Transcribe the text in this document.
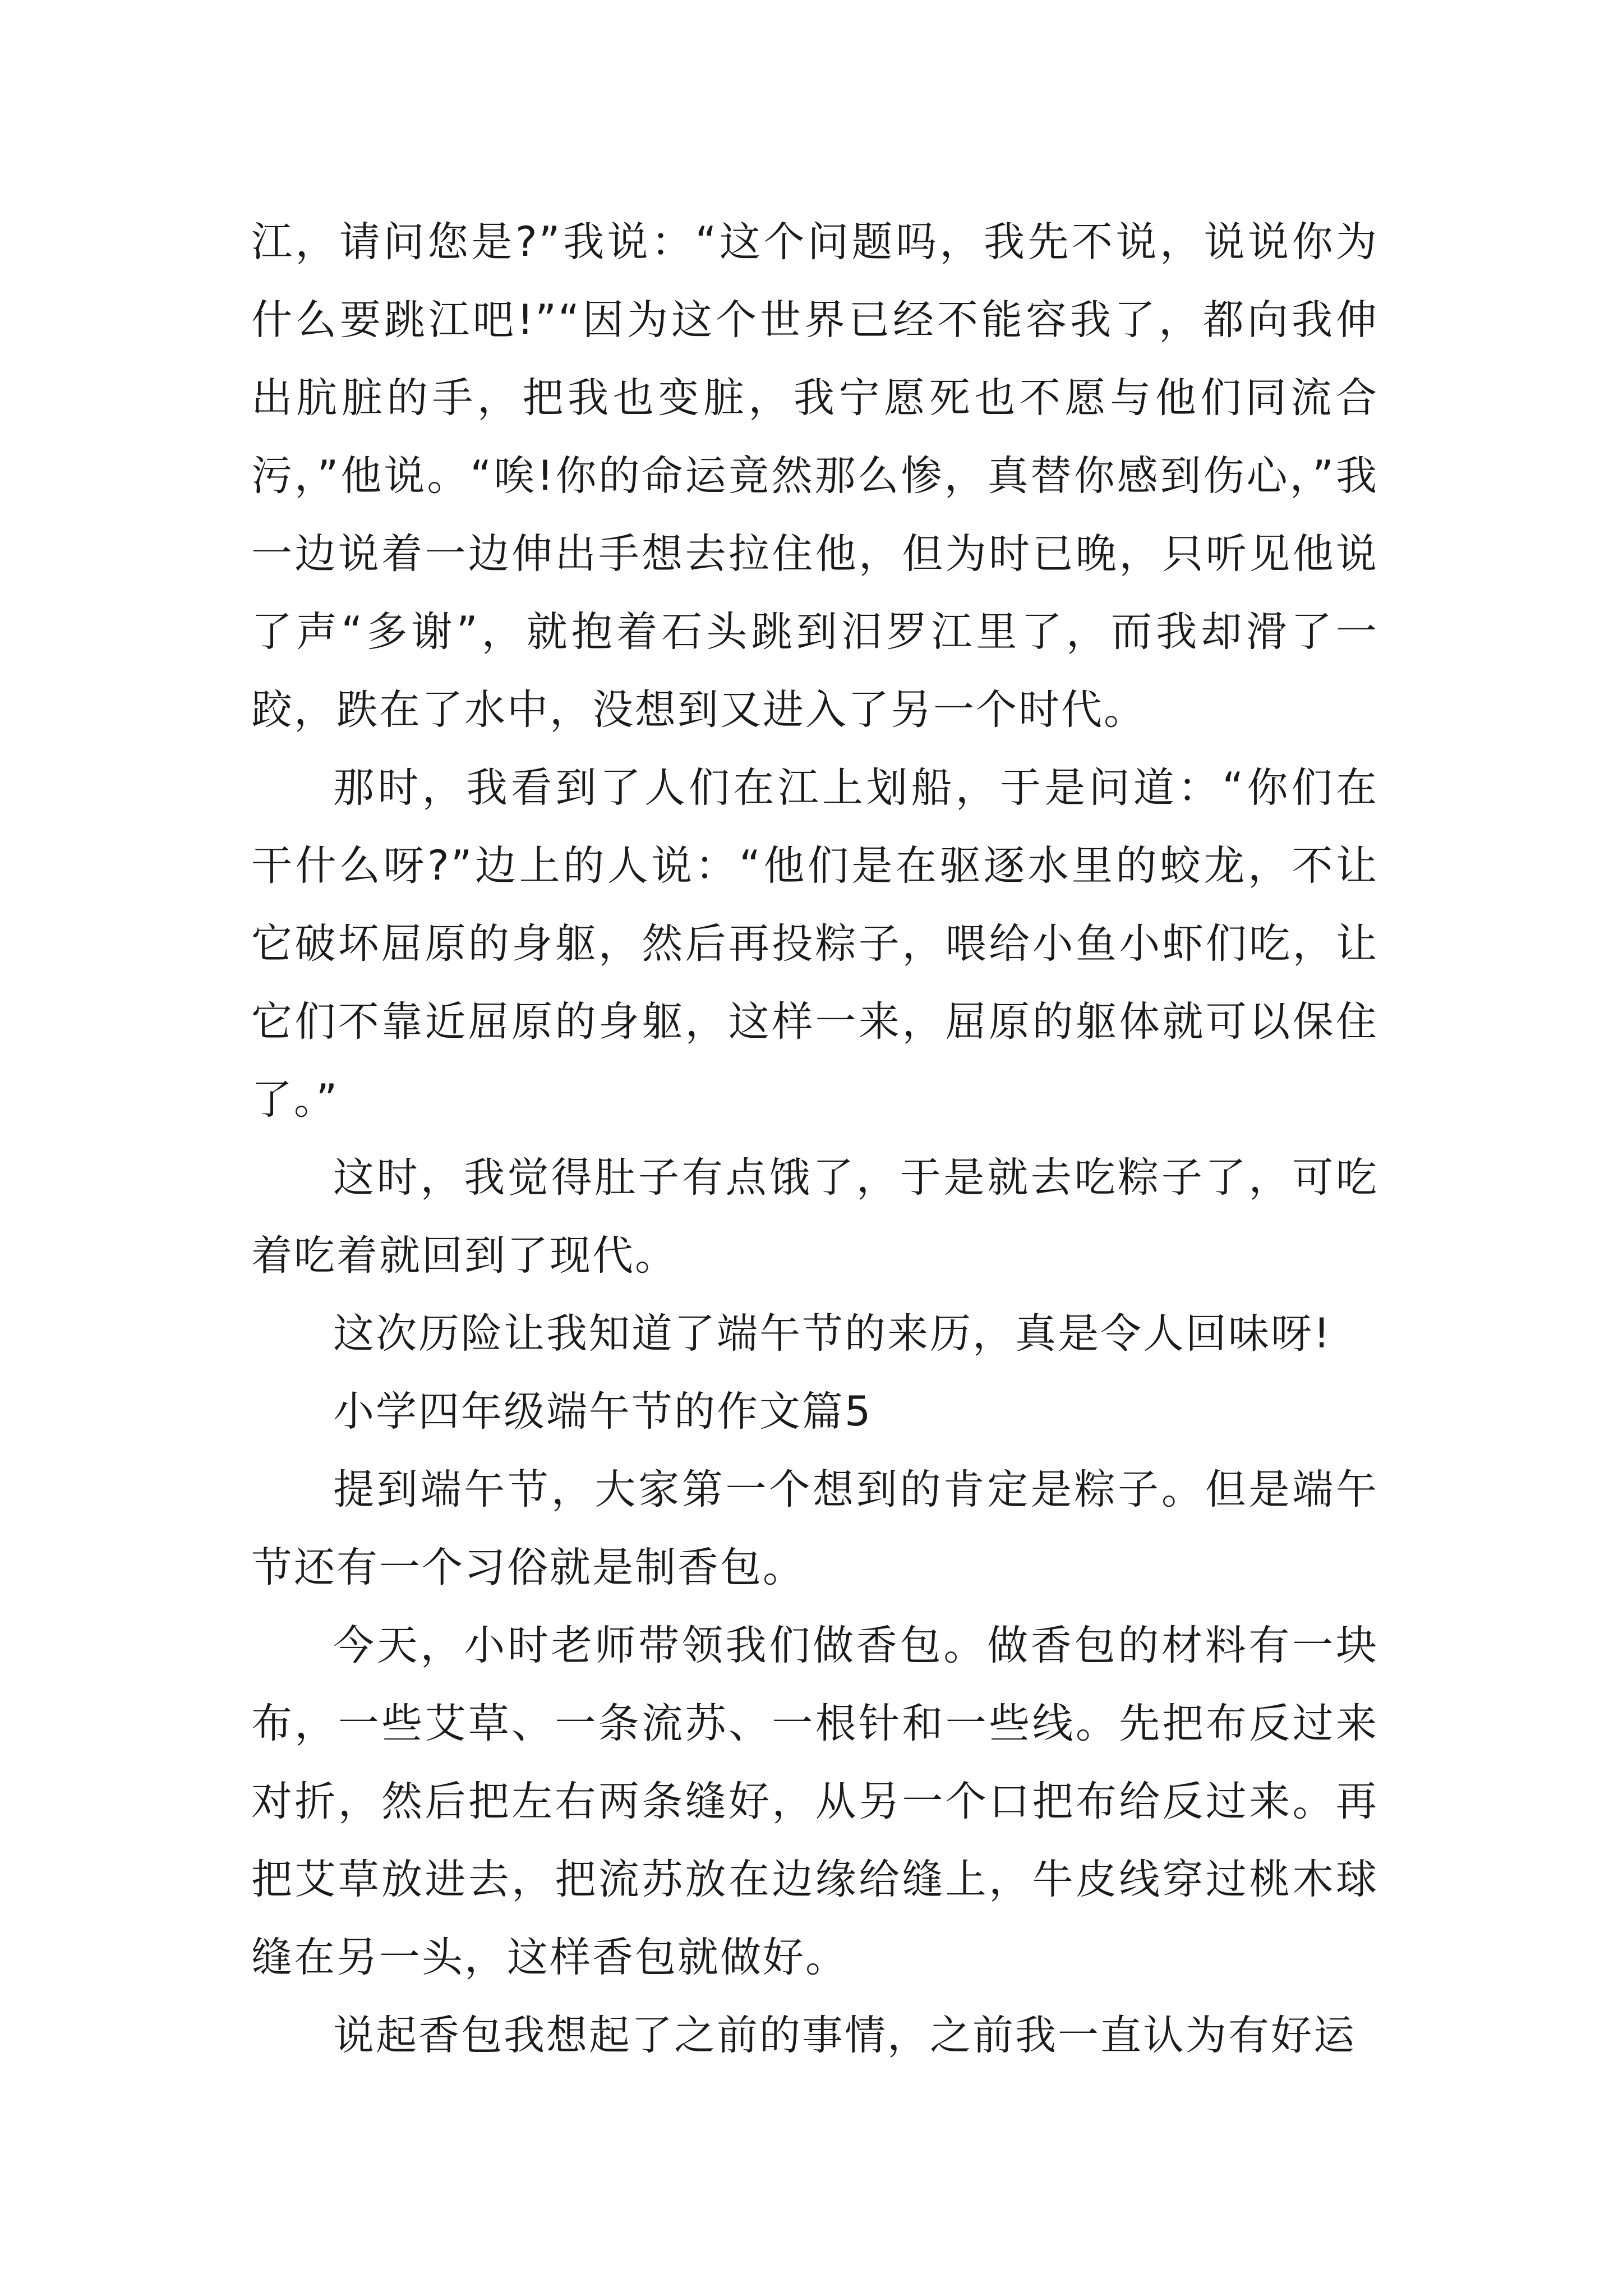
江，请问您是?”我说：“这个问题吗，我先不说，说说你为什么要跳江吧!”“因为这个世界已经不能容我了，都向我伸出肮脏的手，把我也变脏，我宁愿死也不愿与他们同流合污，”他说。“唉!你的命运竟然那么惨，真替你感到伤心，”我一边说着一边伸出手想去拉住他，但为时已晚，只听见他说了声“多谢”，就抱着石头跳到汨罗江里了，而我却滑了一跤，跌在了水中，没想到又进入了另一个时代。

那时，我看到了人们在江上划船，于是问道：“你们在干什么呀?”边上的人说：“他们是在驱逐水里的蛟龙，不让它破坏屈原的身躯，然后再投粽子，喂给小鱼小虾们吃，让它们不靠近屈原的身躯，这样一来，屈原的躯体就可以保住了。”

这时，我觉得肚子有点饿了，于是就去吃粽子了，可吃着吃着就回到了现代。

这次历险让我知道了端午节的来历，真是令人回味呀!

小学四年级端午节的作文篇5

提到端午节，大家第一个想到的肯定是粽子。但是端午节还有一个习俗就是制香包。

今天，小时老师带领我们做香包。做香包的材料有一块布，一些艾草、一条流苏、一根针和一些线。先把布反过来对折，然后把左右两条缝好，从另一个口把布给反过来。再把艾草放进去，把流苏放在边缘给缝上，牛皮线穿过桃木球缝在另一头，这样香包就做好。

说起香包我想起了之前的事情，之前我一直认为有好运
